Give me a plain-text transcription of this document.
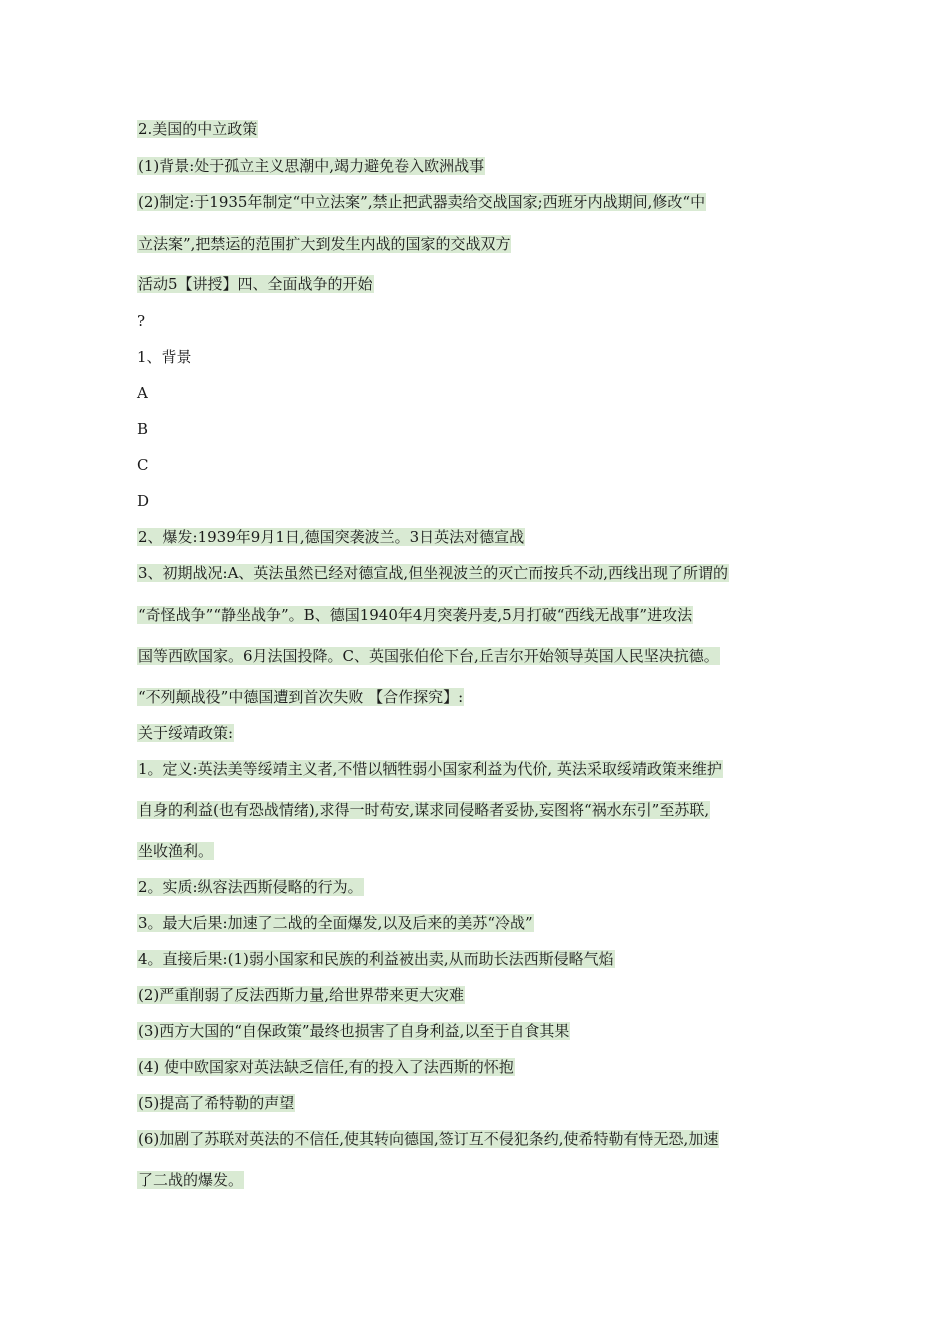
2.美国的中立政策
(1)背景:处于孤立主义思潮中,竭力避免卷入欧洲战事
(2)制定:于1935年制定“中立法案”,禁止把武器卖给交战国家;西班牙内战期间,修改“中
立法案”,把禁运的范围扩大到发生内战的国家的交战双方
活动5【讲授】四、全面战争的开始
?
1、背景
A
B
C
D
2、爆发:1939年9月1日,德国突袭波兰。3日英法对德宣战
3、初期战况:A、英法虽然已经对德宣战,但坐视波兰的灭亡而按兵不动,西线出现了所谓的
“奇怪战争”“静坐战争”。B、德国1940年4月突袭丹麦,5月打破“西线无战事”进攻法
国等西欧国家。6月法国投降。C、英国张伯伦下台,丘吉尔开始领导英国人民坚决抗德。
“不列颠战役”中德国遭到首次失败 【合作探究】:
关于绥靖政策:
1。定义:英法美等绥靖主义者,不惜以牺牲弱小国家利益为代价, 英法采取绥靖政策来维护
自身的利益(也有恐战情绪),求得一时苟安,谋求同侵略者妥协,妄图将“祸水东引”至苏联,
坐收渔利。
2。实质:纵容法西斯侵略的行为。
3。最大后果:加速了二战的全面爆发,以及后来的美苏“冷战”
4。直接后果:(1)弱小国家和民族的利益被出卖,从而助长法西斯侵略气焰
(2)严重削弱了反法西斯力量,给世界带来更大灾难
(3)西方大国的“自保政策”最终也损害了自身利益,以至于自食其果
(4) 使中欧国家对英法缺乏信任,有的投入了法西斯的怀抱
(5)提高了希特勒的声望
(6)加剧了苏联对英法的不信任,使其转向德国,签订互不侵犯条约,使希特勒有恃无恐,加速
了二战的爆发。
